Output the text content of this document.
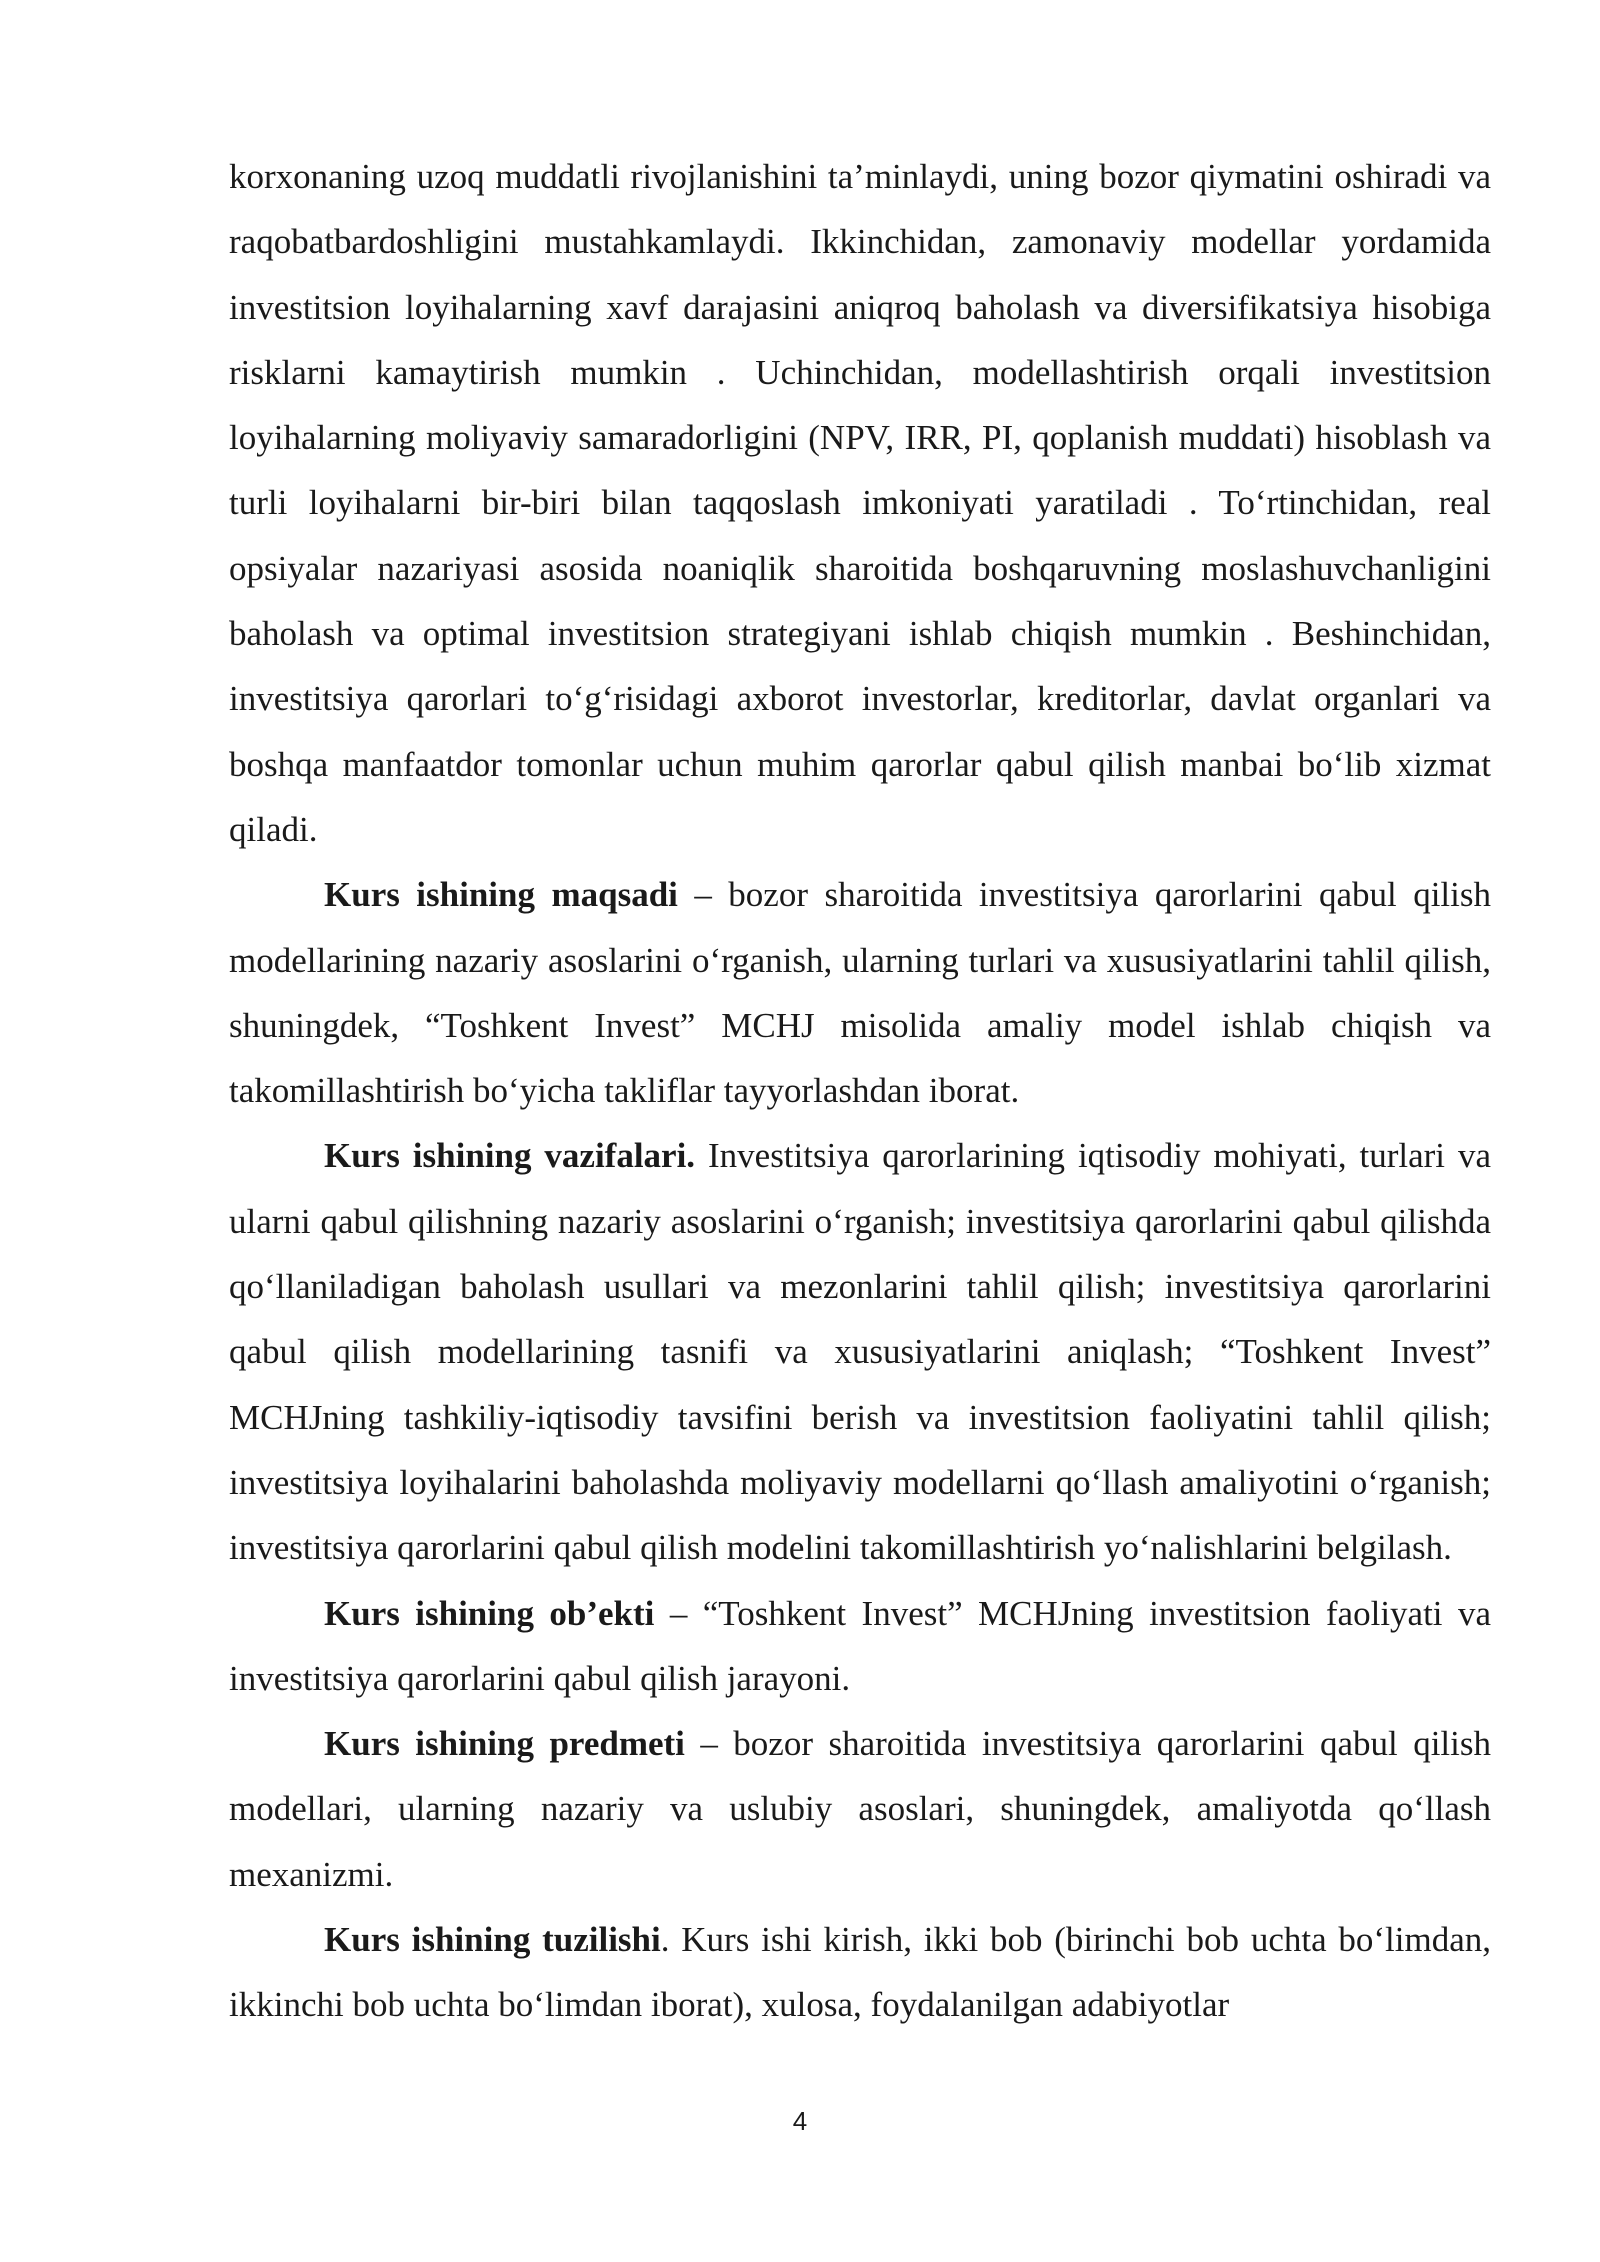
korxonaning uzoq muddatli rivojlanishini ta’minlaydi, uning bozor qiymatini oshiradi va raqobatbardoshligini mustahkamlaydi. Ikkinchidan, zamonaviy modellar yordamida investitsion loyihalarning xavf darajasini aniqroq baholash va diversifikatsiya hisobiga risklarni kamaytirish mumkin . Uchinchidan, modellashtirish orqali investitsion loyihalarning moliyaviy samaradorligini (NPV, IRR, PI, qoplanish muddati) hisoblash va turli loyihalarni bir-biri bilan taqqoslash imkoniyati yaratiladi . To‘rtinchidan, real opsiyalar nazariyasi asosida noaniqlik sharoitida boshqaruvning moslashuvchanligini baholash va optimal investitsion strategiyani ishlab chiqish mumkin . Beshinchidan, investitsiya qarorlari to‘g‘risidagi axborot investorlar, kreditorlar, davlat organlari va boshqa manfaatdor tomonlar uchun muhim qarorlar qabul qilish manbai bo‘lib xizmat qiladi.

Kurs ishining maqsadi – bozor sharoitida investitsiya qarorlarini qabul qilish modellarining nazariy asoslarini o‘rganish, ularning turlari va xususiyatlarini tahlil qilish, shuningdek, “Toshkent Invest” MCHJ misolida amaliy model ishlab chiqish va takomillashtirish bo‘yicha takliflar tayyorlashdan iborat.

Kurs ishining vazifalari. Investitsiya qarorlarining iqtisodiy mohiyati, turlari va ularni qabul qilishning nazariy asoslarini o‘rganish; investitsiya qarorlarini qabul qilishda qo‘llaniladigan baholash usullari va mezonlarini tahlil qilish; investitsiya qarorlarini qabul qilish modellarining tasnifi va xususiyatlarini aniqlash; “Toshkent Invest” MCHJning tashkiliy-iqtisodiy tavsifini berish va investitsion faoliyatini tahlil qilish; investitsiya loyihalarini baholashda moliyaviy modellarni qo‘llash amaliyotini o‘rganish; investitsiya qarorlarini qabul qilish modelini takomillashtirish yo‘nalishlarini belgilash.

Kurs ishining ob’ekti – “Toshkent Invest” MCHJning investitsion faoliyati va investitsiya qarorlarini qabul qilish jarayoni.

Kurs ishining predmeti – bozor sharoitida investitsiya qarorlarini qabul qilish modellari, ularning nazariy va uslubiy asoslari, shuningdek, amaliyotda qo‘llash mexanizmi.

Kurs ishining tuzilishi. Kurs ishi kirish, ikki bob (birinchi bob uchta bo‘limdan, ikkinchi bob uchta bo‘limdan iborat), xulosa, foydalanilgan adabiyotlar

4
